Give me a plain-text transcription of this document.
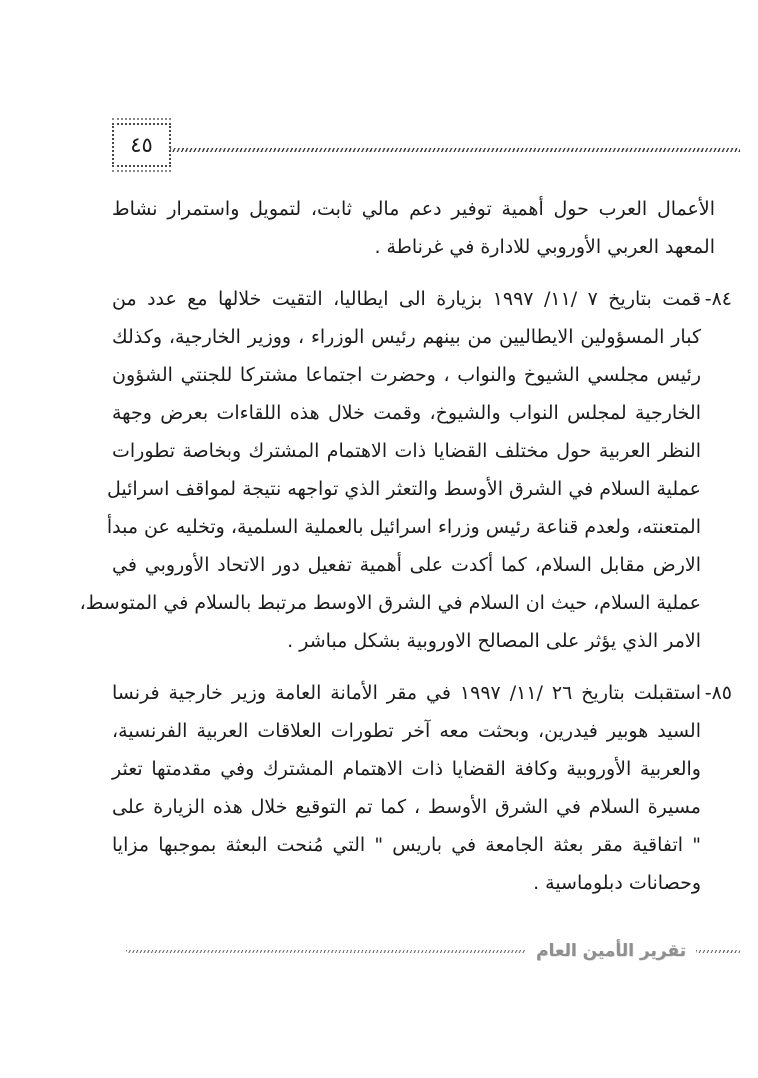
٤٥
الأعمال العرب حول أهمية توفير دعم مالي ثابت، لتمويل واستمرار نشاط
المعهد العربي الأوروبي للادارة في غرناطة .
٨٤-
قمت بتاريخ ٧ /١١/ ١٩٩٧ بزيارة الى ايطاليا، التقيت خلالها مع عدد من
كبار المسؤولين الايطاليين من بينهم رئيس الوزراء ، ووزير الخارجية، وكذلك
رئيس مجلسي الشيوخ والنواب ، وحضرت اجتماعا مشتركا للجنتي الشؤون
الخارجية لمجلس النواب والشيوخ، وقمت خلال هذه اللقاءات بعرض وجهة
النظر العربية حول مختلف القضايا ذات الاهتمام المشترك وبخاصة تطورات
عملية السلام في الشرق الأوسط والتعثر الذي تواجهه نتيجة لمواقف اسرائيل
المتعنته، ولعدم قناعة رئيس وزراء اسرائيل بالعملية السلمية، وتخليه عن مبدأ
الارض مقابل السلام، كما أكدت على أهمية تفعيل دور الاتحاد الأوروبي في
عملية السلام، حيث ان السلام في الشرق الاوسط مرتبط بالسلام في المتوسط،
الامر الذي يؤثر على المصالح الاوروبية بشكل مباشر .
٨٥-
استقبلت بتاريخ ٢٦ /١١/ ١٩٩٧ في مقر الأمانة العامة وزير خارجية فرنسا
السيد هوبير فيدرين، وبحثت معه آخر تطورات العلاقات العربية الفرنسية،
والعربية الأوروبية وكافة القضايا ذات الاهتمام المشترك وفي مقدمتها تعثر
مسيرة السلام في الشرق الأوسط ، كما تم التوقيع خلال هذه الزيارة على
" اتفاقية مقر بعثة الجامعة في باريس " التي مُنحت البعثة بموجبها مزايا
وحصانات دبلوماسية .
تقرير الأمين العام
